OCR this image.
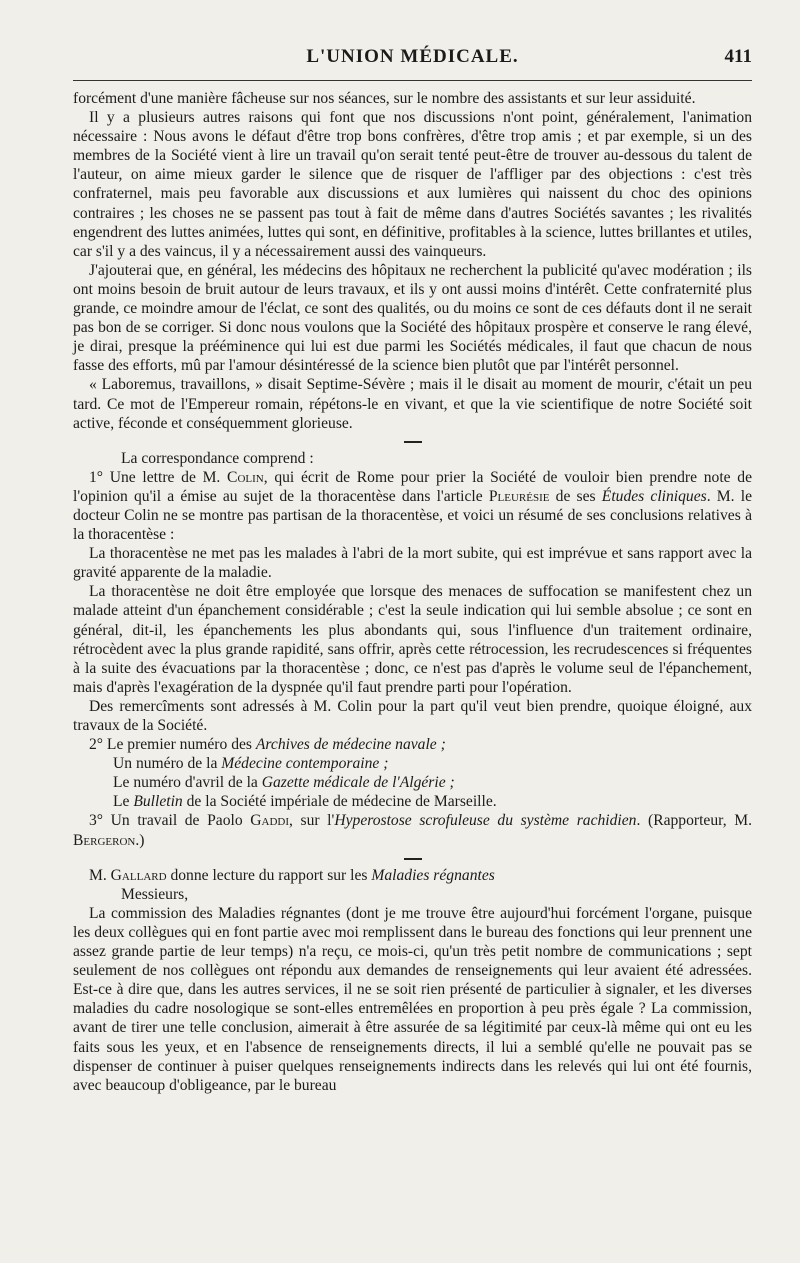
L'UNION MÉDICALE.	411

forcément d'une manière fâcheuse sur nos séances, sur le nombre des assistants et sur leur assiduité.

Il y a plusieurs autres raisons qui font que nos discussions n'ont point, généralement, l'animation nécessaire : Nous avons le défaut d'être trop bons confrères, d'être trop amis ; et par exemple, si un des membres de la Société vient à lire un travail qu'on serait tenté peut-être de trouver au-dessous du talent de l'auteur, on aime mieux garder le silence que de risquer de l'affliger par des objections : c'est très confraternel, mais peu favorable aux discussions et aux lumières qui naissent du choc des opinions contraires ; les choses ne se passent pas tout à fait de même dans d'autres Sociétés savantes ; les rivalités engendrent des luttes animées, luttes qui sont, en définitive, profitables à la science, luttes brillantes et utiles, car s'il y a des vaincus, il y a nécessairement aussi des vainqueurs.

J'ajouterai que, en général, les médecins des hôpitaux ne recherchent la publicité qu'avec modération ; ils ont moins besoin de bruit autour de leurs travaux, et ils y ont aussi moins d'intérêt. Cette confraternité plus grande, ce moindre amour de l'éclat, ce sont des qualités, ou du moins ce sont de ces défauts dont il ne serait pas bon de se corriger. Si donc nous voulons que la Société des hôpitaux prospère et conserve le rang élevé, je dirai, presque la prééminence qui lui est due parmi les Sociétés médicales, il faut que chacun de nous fasse des efforts, mû par l'amour désintéressé de la science bien plutôt que par l'intérêt personnel.

« Laboremus, travaillons, » disait Septime-Sévère ; mais il le disait au moment de mourir, c'était un peu tard. Ce mot de l'Empereur romain, répétons-le en vivant, et que la vie scientifique de notre Société soit active, féconde et conséquemment glorieuse.

La correspondance comprend :

1° Une lettre de M. Colin, qui écrit de Rome pour prier la Société de vouloir bien prendre note de l'opinion qu'il a émise au sujet de la thoracentèse dans l'article Pleurésie de ses Études cliniques. M. le docteur Colin ne se montre pas partisan de la thoracentèse, et voici un résumé de ses conclusions relatives à la thoracentèse :

La thoracentèse ne met pas les malades à l'abri de la mort subite, qui est imprévue et sans rapport avec la gravité apparente de la maladie.

La thoracentèse ne doit être employée que lorsque des menaces de suffocation se manifestent chez un malade atteint d'un épanchement considérable ; c'est la seule indication qui lui semble absolue ; ce sont en général, dit-il, les épanchements les plus abondants qui, sous l'influence d'un traitement ordinaire, rétrocèdent avec la plus grande rapidité, sans offrir, après cette rétrocession, les recrudescences si fréquentes à la suite des évacuations par la thoracentèse ; donc, ce n'est pas d'après le volume seul de l'épanchement, mais d'après l'exagération de la dyspnée qu'il faut prendre parti pour l'opération.

Des remercîments sont adressés à M. Colin pour la part qu'il veut bien prendre, quoique éloigné, aux travaux de la Société.

2° Le premier numéro des Archives de médecine navale ;

Un numéro de la Médecine contemporaine ;

Le numéro d'avril de la Gazette médicale de l'Algérie ;

Le Bulletin de la Société impériale de médecine de Marseille.

3° Un travail de Paolo Gaddi, sur l'Hyperostose scrofuleuse du système rachidien. (Rapporteur, M. Bergeron.)

M. Gallard donne lecture du rapport sur les Maladies régnantes

Messieurs,

La commission des Maladies régnantes (dont je me trouve être aujourd'hui forcément l'organe, puisque les deux collègues qui en font partie avec moi remplissent dans le bureau des fonctions qui leur prennent une assez grande partie de leur temps) n'a reçu, ce mois-ci, qu'un très petit nombre de communications ; sept seulement de nos collègues ont répondu aux demandes de renseignements qui leur avaient été adressées. Est-ce à dire que, dans les autres services, il ne se soit rien présenté de particulier à signaler, et les diverses maladies du cadre nosologique se sont-elles entremêlées en proportion à peu près égale ? La commission, avant de tirer une telle conclusion, aimerait à être assurée de sa légitimité par ceux-là même qui ont eu les faits sous les yeux, et en l'absence de renseignements directs, il lui a semblé qu'elle ne pouvait pas se dispenser de continuer à puiser quelques renseignements indirects dans les relevés qui lui ont été fournis, avec beaucoup d'obligeance, par le bureau
